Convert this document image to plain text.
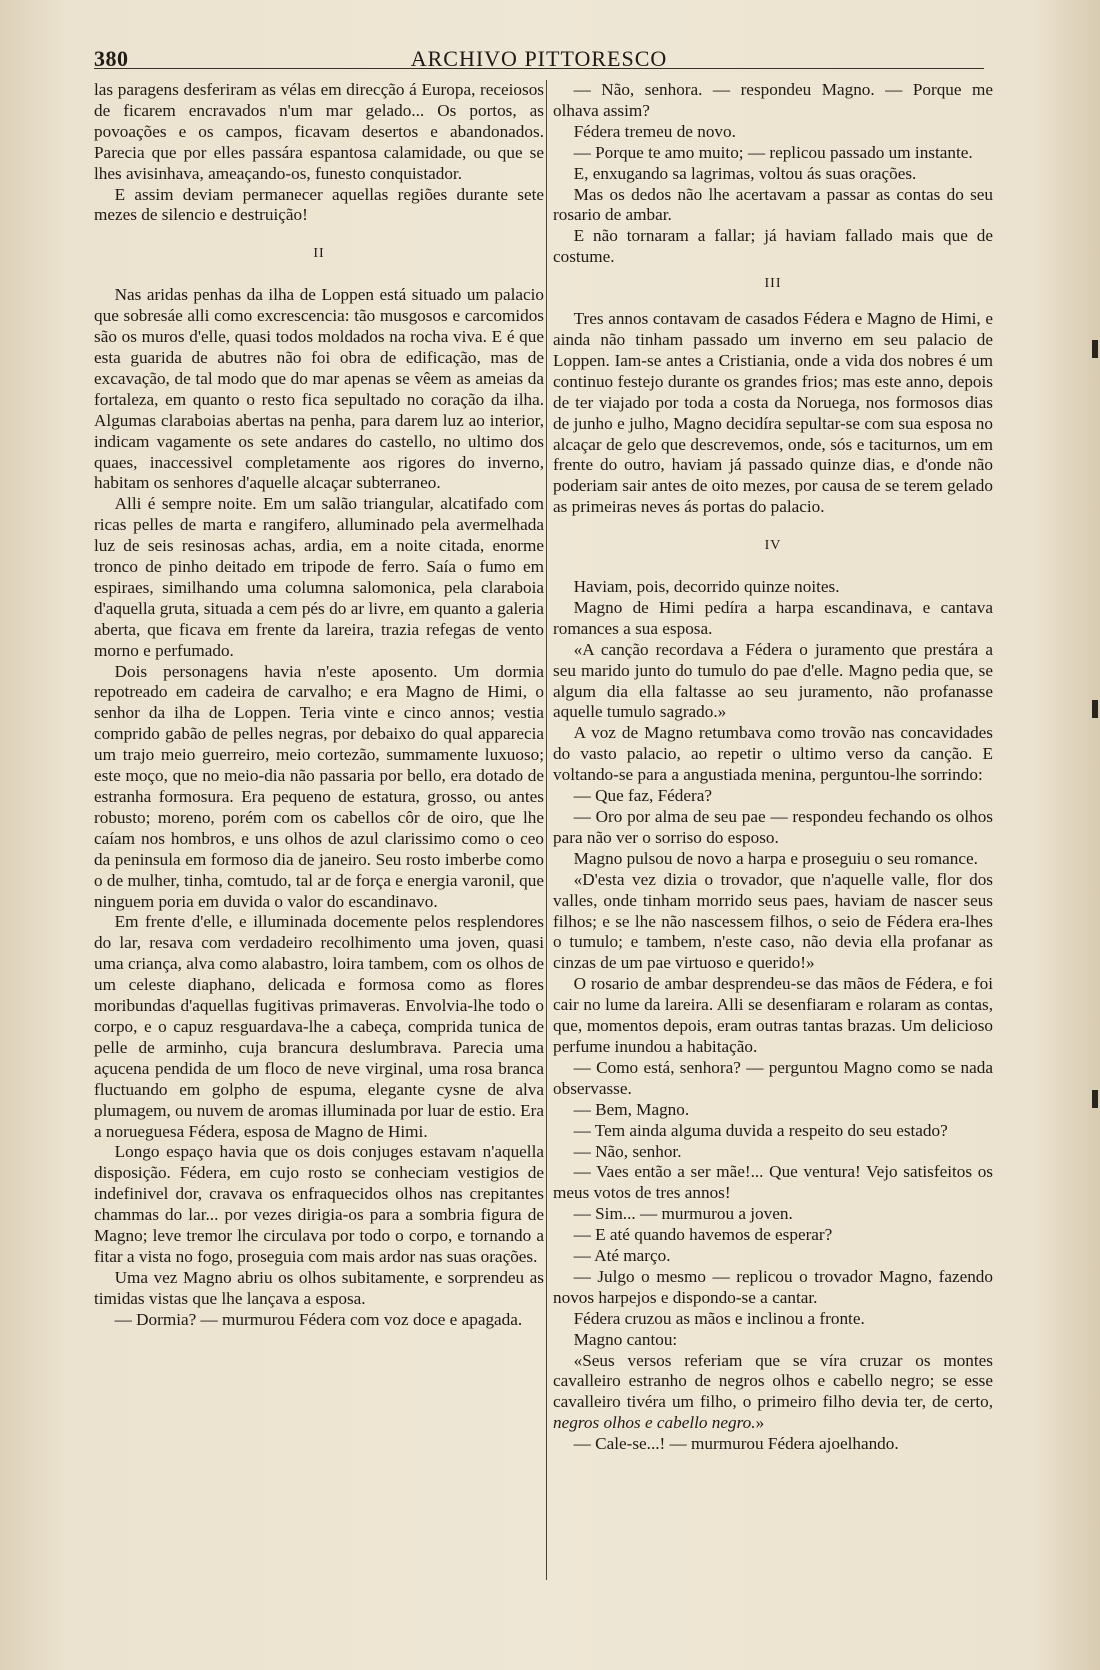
380	ARCHIVO PITTORESCO

las paragens desferiram as vélas em direcção á Europa, receiosos de ficarem encravados n'um mar gelado... Os portos, as povoações e os campos, ficavam desertos e abandonados. Parecia que por elles passára espantosa calamidade, ou que se lhes avisinhava, ameaçando-os, funesto conquistador.

E assim deviam permanecer aquellas regiões durante sete mezes de silencio e destruição!

II

Nas aridas penhas da ilha de Loppen está situado um palacio que sobresáe alli como excrescencia: tão musgosos e carcomidos são os muros d'elle, quasi todos moldados na rocha viva. E é que esta guarida de abutres não foi obra de edificação, mas de excavação, de tal modo que do mar apenas se vêem as ameias da fortaleza, em quanto o resto fica sepultado no coração da ilha. Algumas claraboias abertas na penha, para darem luz ao interior, indicam vagamente os sete andares do castello, no ultimo dos quaes, inaccessivel completamente aos rigores do inverno, habitam os senhores d'aquelle alcaçar subterraneo.

Alli é sempre noite. Em um salão triangular, alcatifado com ricas pelles de marta e rangifero, alluminado pela avermelhada luz de seis resinosas achas, ardia, em a noite citada, enorme tronco de pinho deitado em tripode de ferro. Saía o fumo em espiraes, similhando uma columna salomonica, pela claraboia d'aquella gruta, situada a cem pés do ar livre, em quanto a galeria aberta, que ficava em frente da lareira, trazia refegas de vento morno e perfumado.

Dois personagens havia n'este aposento. Um dormia repotreado em cadeira de carvalho; e era Magno de Himi, o senhor da ilha de Loppen. Teria vinte e cinco annos; vestia comprido gabão de pelles negras, por debaixo do qual apparecia um trajo meio guerreiro, meio cortezão, summamente luxuoso; este moço, que no meio-dia não passaria por bello, era dotado de estranha formosura. Era pequeno de estatura, grosso, ou antes robusto; moreno, porém com os cabellos côr de oiro, que lhe caíam nos hombros, e uns olhos de azul clarissimo como o ceo da peninsula em formoso dia de janeiro. Seu rosto imberbe como o de mulher, tinha, comtudo, tal ar de força e energia varonil, que ninguem poria em duvida o valor do escandinavo.

Em frente d'elle, e illuminada docemente pelos resplendores do lar, resava com verdadeiro recolhimento uma joven, quasi uma criança, alva como alabastro, loira tambem, com os olhos de um celeste diaphano, delicada e formosa como as flores moribundas d'aquellas fugitivas primaveras. Envolvia-lhe todo o corpo, e o capuz resguardava-lhe a cabeça, comprida tunica de pelle de arminho, cuja brancura deslumbrava. Parecia uma açucena pendida de um floco de neve virginal, uma rosa branca fluctuando em golpho de espuma, elegante cysne de alva plumagem, ou nuvem de aromas illuminada por luar de estio. Era a norueguesa Fédera, esposa de Magno de Himi.

Longo espaço havia que os dois conjuges estavam n'aquella disposição. Fédera, em cujo rosto se conheciam vestigios de indefinivel dor, cravava os enfraquecidos olhos nas crepitantes chammas do lar... por vezes dirigia-os para a sombria figura de Magno; leve tremor lhe circulava por todo o corpo, e tornando a fitar a vista no fogo, proseguia com mais ardor nas suas orações.

Uma vez Magno abriu os olhos subitamente, e sorprendeu as timidas vistas que lhe lançava a esposa.

— Dormia? — murmurou Fédera com voz doce e apagada.

— Não, senhora. — respondeu Magno. — Porque me olhava assim?

Fédera tremeu de novo.

— Porque te amo muito; — replicou passado um instante.

E, enxugando sa lagrimas, voltou ás suas orações.

Mas os dedos não lhe acertavam a passar as contas do seu rosario de ambar.

E não tornaram a fallar; já haviam fallado mais que de costume.

III

Tres annos contavam de casados Fédera e Magno de Himi, e ainda não tinham passado um inverno em seu palacio de Loppen. Iam-se antes a Cristiania, onde a vida dos nobres é um continuo festejo durante os grandes frios; mas este anno, depois de ter viajado por toda a costa da Noruega, nos formosos dias de junho e julho, Magno decidíra sepultar-se com sua esposa no alcaçar de gelo que descrevemos, onde, sós e taciturnos, um em frente do outro, haviam já passado quinze dias, e d'onde não poderiam sair antes de oito mezes, por causa de se terem gelado as primeiras neves ás portas do palacio.

IV

Haviam, pois, decorrido quinze noites.

Magno de Himi pedíra a harpa escandinava, e cantava romances a sua esposa.

«A canção recordava a Fédera o juramento que prestára a seu marido junto do tumulo do pae d'elle. Magno pedia que, se algum dia ella faltasse ao seu juramento, não profanasse aquelle tumulo sagrado.»

A voz de Magno retumbava como trovão nas concavidades do vasto palacio, ao repetir o ultimo verso da canção. E voltando-se para a angustiada menina, perguntou-lhe sorrindo:

— Que faz, Fédera?

— Oro por alma de seu pae — respondeu fechando os olhos para não ver o sorriso do esposo.

Magno pulsou de novo a harpa e proseguiu o seu romance.

«D'esta vez dizia o trovador, que n'aquelle valle, flor dos valles, onde tinham morrido seus paes, haviam de nascer seus filhos; e se lhe não nascessem filhos, o seio de Fédera era-lhes o tumulo; e tambem, n'este caso, não devia ella profanar as cinzas de um pae virtuoso e querido!»

O rosario de ambar desprendeu-se das mãos de Fédera, e foi cair no lume da lareira. Alli se desenfiaram e rolaram as contas, que, momentos depois, eram outras tantas brazas. Um delicioso perfume inundou a habitação.

— Como está, senhora? — perguntou Magno como se nada observasse.

— Bem, Magno.

— Tem ainda alguma duvida a respeito do seu estado?

— Não, senhor.

— Vaes então a ser mãe!... Que ventura! Vejo satisfeitos os meus votos de tres annos!

— Sim... — murmurou a joven.

— E até quando havemos de esperar?

— Até março.

— Julgo o mesmo — replicou o trovador Magno, fazendo novos harpejos e dispondo-se a cantar.

Fédera cruzou as mãos e inclinou a fronte.

Magno cantou:

«Seus versos referiam que se víra cruzar os montes cavalleiro estranho de negros olhos e cabello negro; se esse cavalleiro tivéra um filho, o primeiro filho devia ter, de certo, negros olhos e cabello negro.»

— Cale-se...! — murmurou Fédera ajoelhando.
